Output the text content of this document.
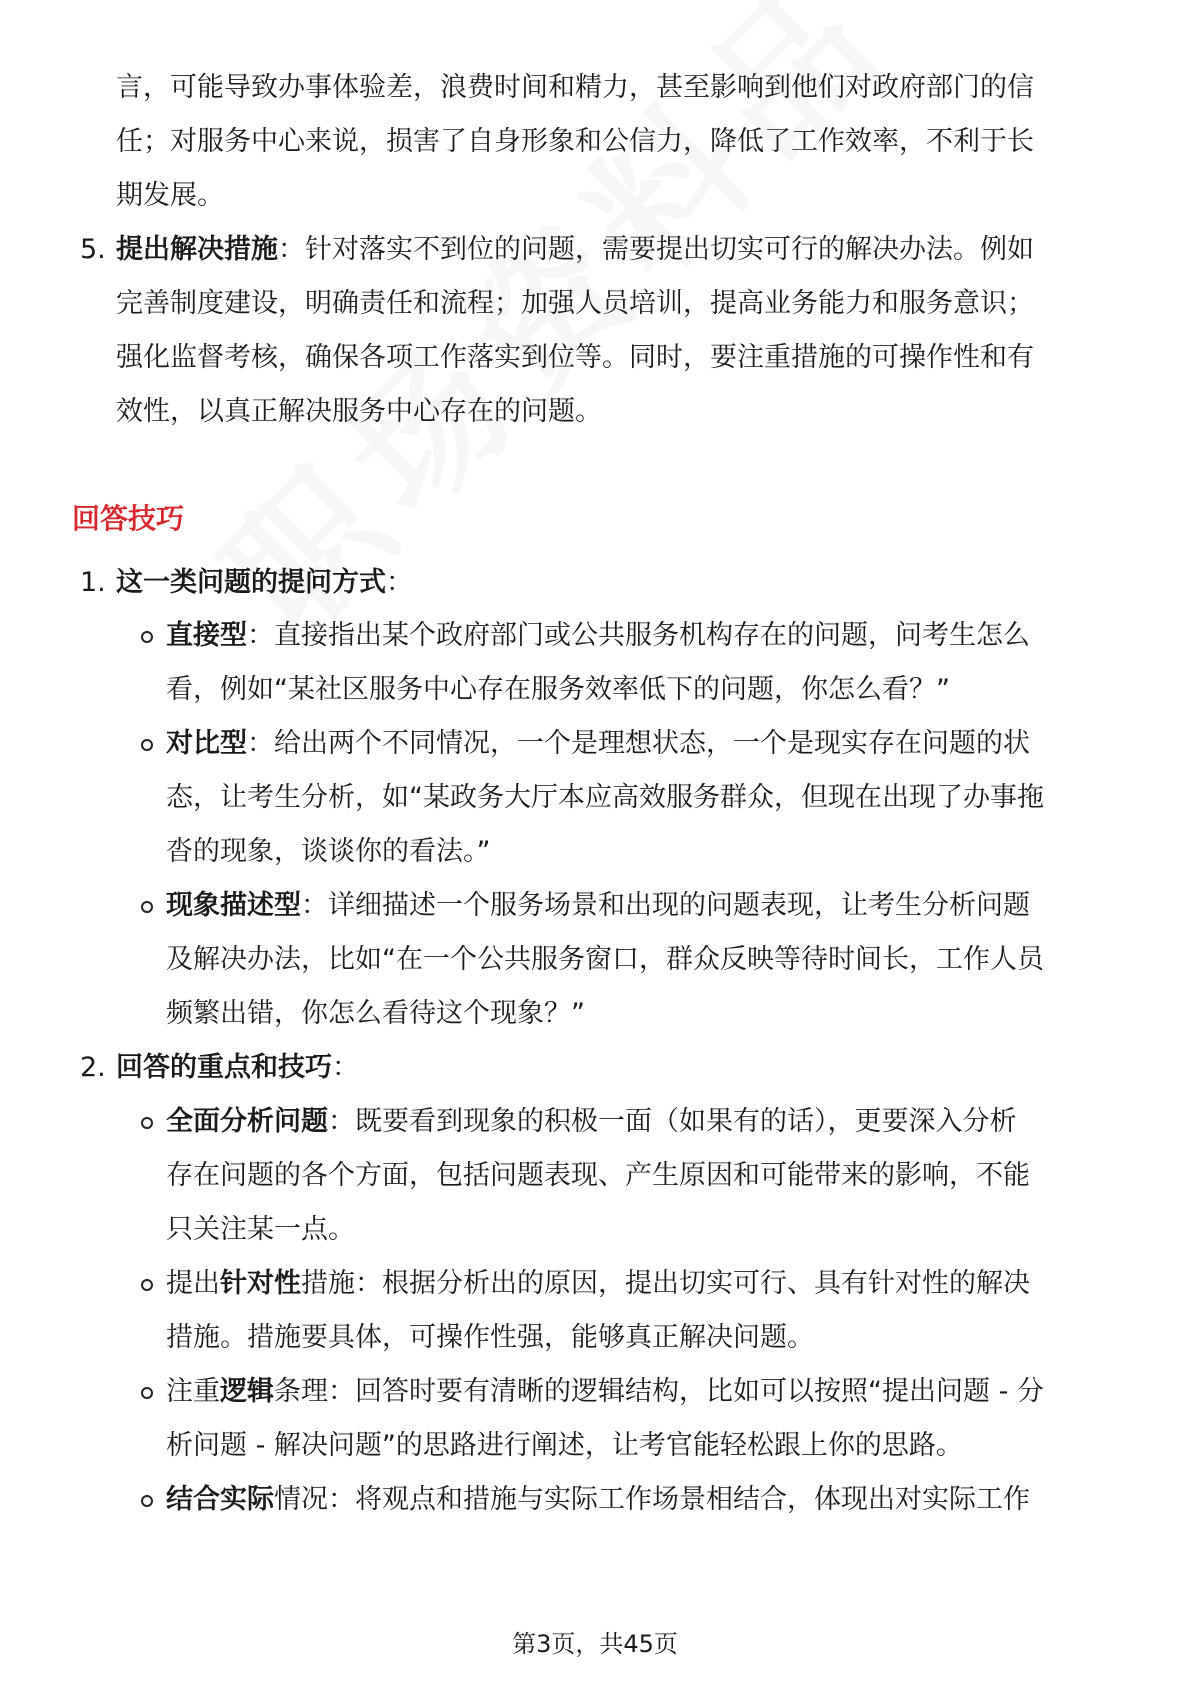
言，可能导致办事体验差，浪费时间和精力，甚至影响到他们对政府部门的信
任；对服务中心来说，损害了自身形象和公信力，降低了工作效率，不利于长
期发展。
5. 提出解决措施：针对落实不到位的问题，需要提出切实可行的解决办法。例如
完善制度建设，明确责任和流程；加强人员培训，提高业务能力和服务意识；
强化监督考核，确保各项工作落实到位等。同时，要注重措施的可操作性和有
效性，以真正解决服务中心存在的问题。
回答技巧
1. 这一类问题的提问方式：
直接型：直接指出某个政府部门或公共服务机构存在的问题，问考生怎么
看，例如“某社区服务中心存在服务效率低下的问题，你怎么看？”
对比型：给出两个不同情况，一个是理想状态，一个是现实存在问题的状
态，让考生分析，如“某政务大厅本应高效服务群众，但现在出现了办事拖
沓的现象，谈谈你的看法。”
现象描述型：详细描述一个服务场景和出现的问题表现，让考生分析问题
及解决办法，比如“在一个公共服务窗口，群众反映等待时间长，工作人员
频繁出错，你怎么看待这个现象？”
2. 回答的重点和技巧：
全面分析问题：既要看到现象的积极一面（如果有的话），更要深入分析
存在问题的各个方面，包括问题表现、产生原因和可能带来的影响，不能
只关注某一点。
提出针对性措施：根据分析出的原因，提出切实可行、具有针对性的解决
措施。措施要具体，可操作性强，能够真正解决问题。
注重逻辑条理：回答时要有清晰的逻辑结构，比如可以按照“提出问题 - 分
析问题 - 解决问题”的思路进行阐述，让考官能轻松跟上你的思路。
结合实际情况：将观点和措施与实际工作场景相结合，体现出对实际工作
第3页，共45页
